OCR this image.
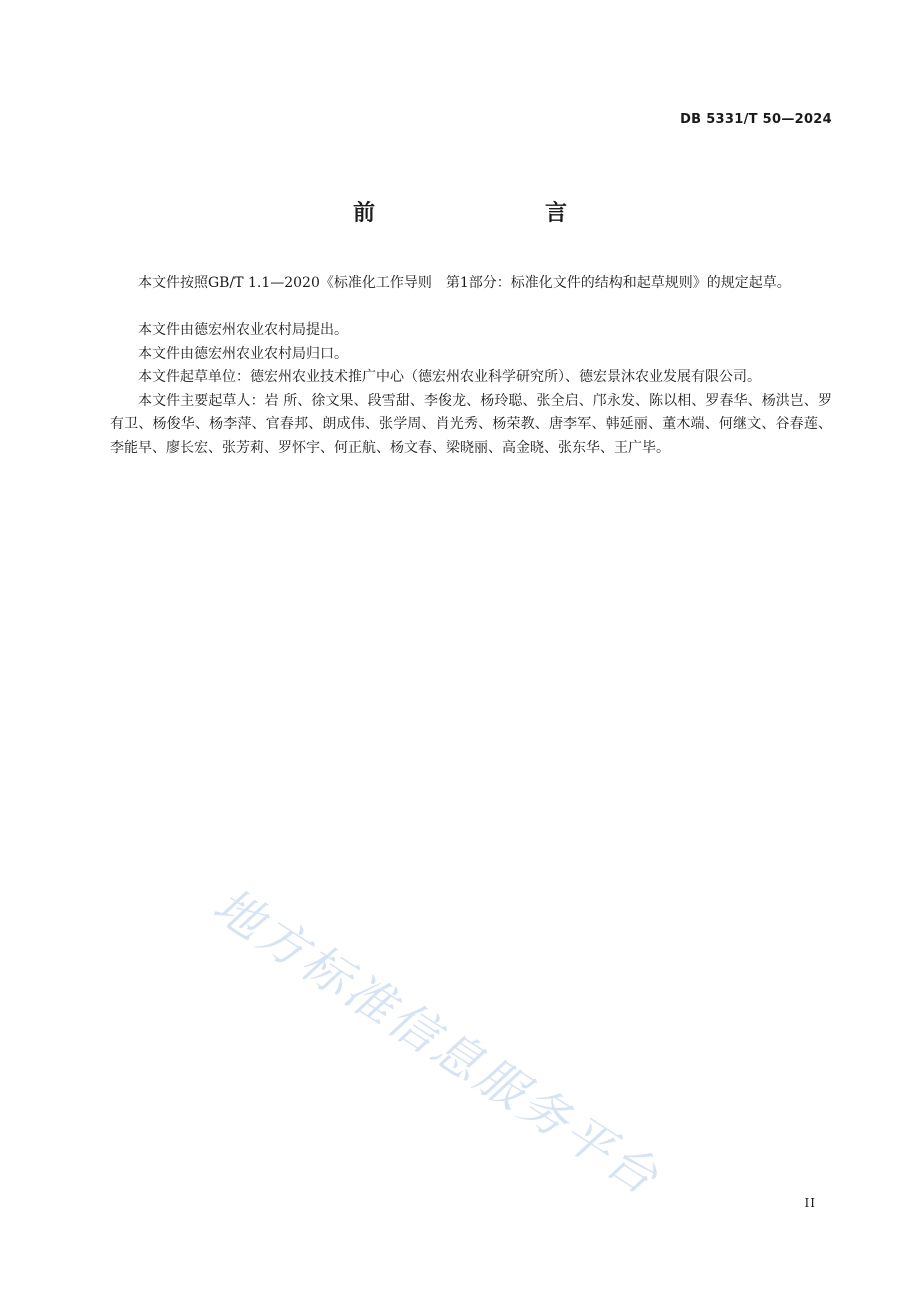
DB 5331/T 50—2024
前　　言

本文件按照GB/T 1.1—2020《标准化工作导则　第1部分：标准化文件的结构和起草规则》的规定起草。

本文件由德宏州农业农村局提出。

本文件由德宏州农业农村局归口。

本文件起草单位：德宏州农业技术推广中心（德宏州农业科学研究所）、德宏景沐农业发展有限公司。

本文件主要起草人：岩 所、徐文果、段雪甜、李俊龙、杨玲聪、张全启、邝永发、陈以相、罗春华、杨洪岂、罗有卫、杨俊华、杨李萍、官春邦、朗成伟、张学周、肖光秀、杨荣教、唐李军、韩延丽、董木端、何继文、谷春莲、李能早、廖长宏、张芳莉、罗怀宇、何正航、杨文春、梁晓丽、高金晓、张东华、王广毕。

地方标准信息服务平台	II
